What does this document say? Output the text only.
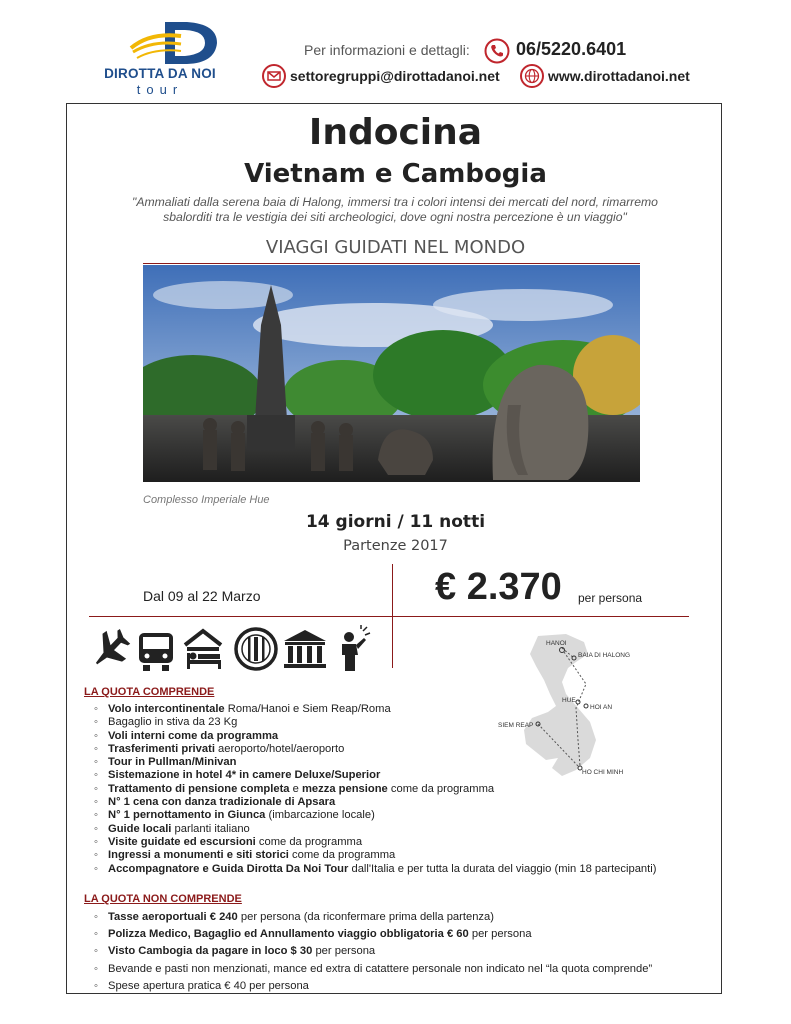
DIROTTA DA NOI
tour
Per informazioni e dettagli:	06/5220.6401
settoregruppi@dirottadanoi.net	www.dirottadanoi.net
Indocina
Vietnam e Cambogia
"Ammaliati dalla serena baia di Halong, immersi tra i colori intensi dei mercati del nord, rimarremo
sbalorditi tra le vestigia dei siti archeologici, dove ogni nostra percezione è un viaggio"
VIAGGI GUIDATI NEL MONDO
Complesso Imperiale Hue
14 giorni / 11 notti
Partenze 2017
Dal 09 al 22 Marzo	€ 2.370 per persona
HANOI
BAIA DI HALONG
HUE
HOI AN
SIEM REAP
HO CHI MINH
LA QUOTA COMPRENDE
◦ Volo intercontinentale Roma/Hanoi e Siem Reap/Roma
◦ Bagaglio in stiva da 23 Kg
◦ Voli interni come da programma
◦ Trasferimenti privati aeroporto/hotel/aeroporto
◦ Tour in Pullman/Minivan
◦ Sistemazione in hotel 4* in camere Deluxe/Superior
◦ Trattamento di pensione completa e mezza pensione come da programma
◦ N° 1 cena con danza tradizionale di Apsara
◦ N° 1 pernottamento in Giunca (imbarcazione locale)
◦ Guide locali parlanti italiano
◦ Visite guidate ed escursioni come da programma
◦ Ingressi a monumenti e siti storici come da programma
◦ Accompagnatore e Guida Dirotta Da Noi Tour dall'Italia e per tutta la durata del viaggio (min 18 partecipanti)
LA QUOTA NON COMPRENDE
◦ Tasse aeroportuali € 240 per persona (da riconfermare prima della partenza)
◦ Polizza Medico, Bagaglio ed Annullamento viaggio obbligatoria € 60 per persona
◦ Visto Cambogia da pagare in loco $ 30 per persona
◦ Bevande e pasti non menzionati, mance ed extra di catattere personale non indicato nel “la quota comprende”
◦ Spese apertura pratica € 40 per persona
